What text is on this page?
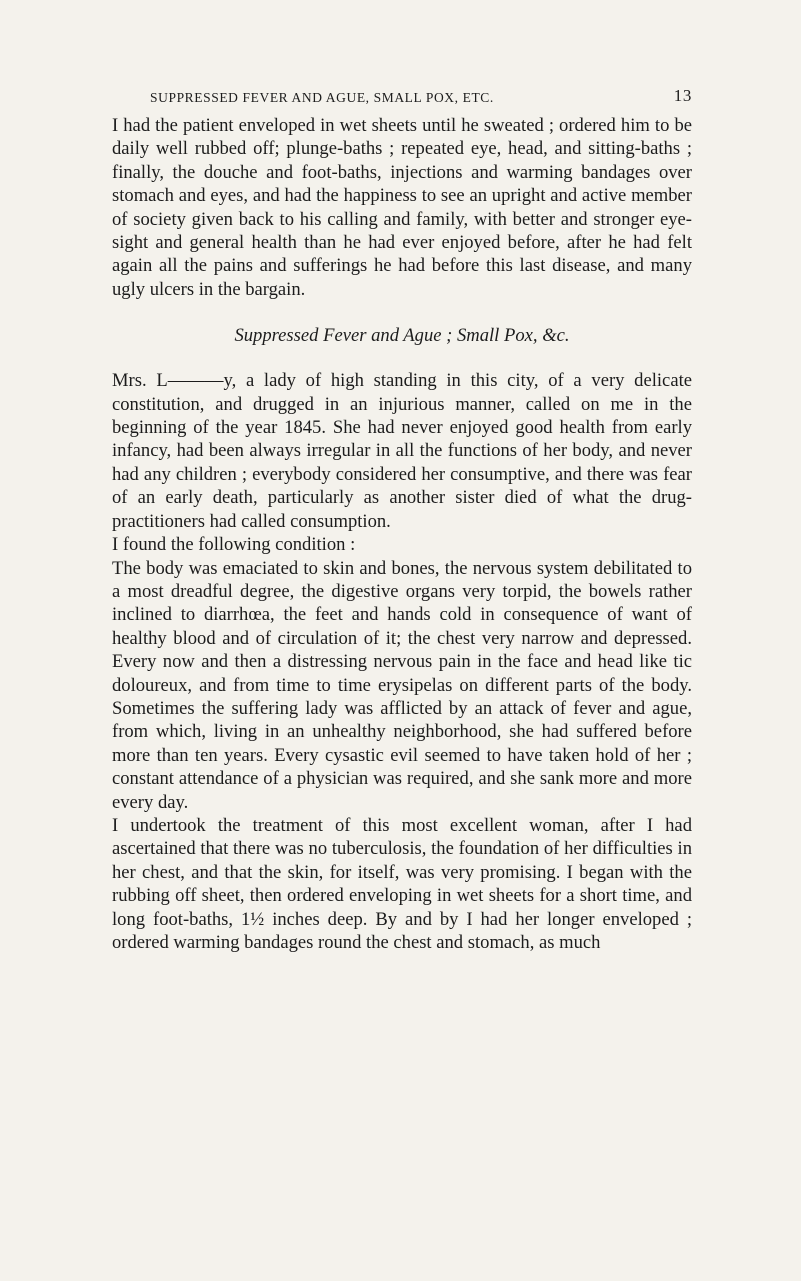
SUPPRESSED FEVER AND AGUE, SMALL POX, ETC.	13

I had the patient enveloped in wet sheets until he sweated ; ordered him to be daily well rubbed off; plunge-baths ; repeated eye, head, and sitting-baths ; finally, the douche and foot-baths, injections and warming bandages over stomach and eyes, and had the happiness to see an upright and active member of society given back to his calling and family, with better and stronger eye-sight and general health than he had ever enjoyed before, after he had felt again all the pains and sufferings he had before this last disease, and many ugly ulcers in the bargain.

Suppressed Fever and Ague ; Small Pox, &c.

Mrs. L———y, a lady of high standing in this city, of a very delicate constitution, and drugged in an injurious manner, called on me in the beginning of the year 1845. She had never enjoyed good health from early infancy, had been always irregular in all the functions of her body, and never had any children ; everybody considered her consumptive, and there was fear of an early death, particularly as another sister died of what the drug-practitioners had called consumption.

I found the following condition :

The body was emaciated to skin and bones, the nervous system debilitated to a most dreadful degree, the digestive organs very torpid, the bowels rather inclined to diarrhœa, the feet and hands cold in consequence of want of healthy blood and of circulation of it; the chest very narrow and depressed. Every now and then a distressing nervous pain in the face and head like tic doloureux, and from time to time erysipelas on different parts of the body. Sometimes the suffering lady was afflicted by an attack of fever and ague, from which, living in an unhealthy neighborhood, she had suffered before more than ten years. Every cysastic evil seemed to have taken hold of her ; constant attendance of a physician was required, and she sank more and more every day.

I undertook the treatment of this most excellent woman, after I had ascertained that there was no tuberculosis, the foundation of her difficulties in her chest, and that the skin, for itself, was very promising. I began with the rubbing off sheet, then ordered enveloping in wet sheets for a short time, and long foot-baths, 1½ inches deep. By and by I had her longer enveloped ; ordered warming bandages round the chest and stomach, as much
